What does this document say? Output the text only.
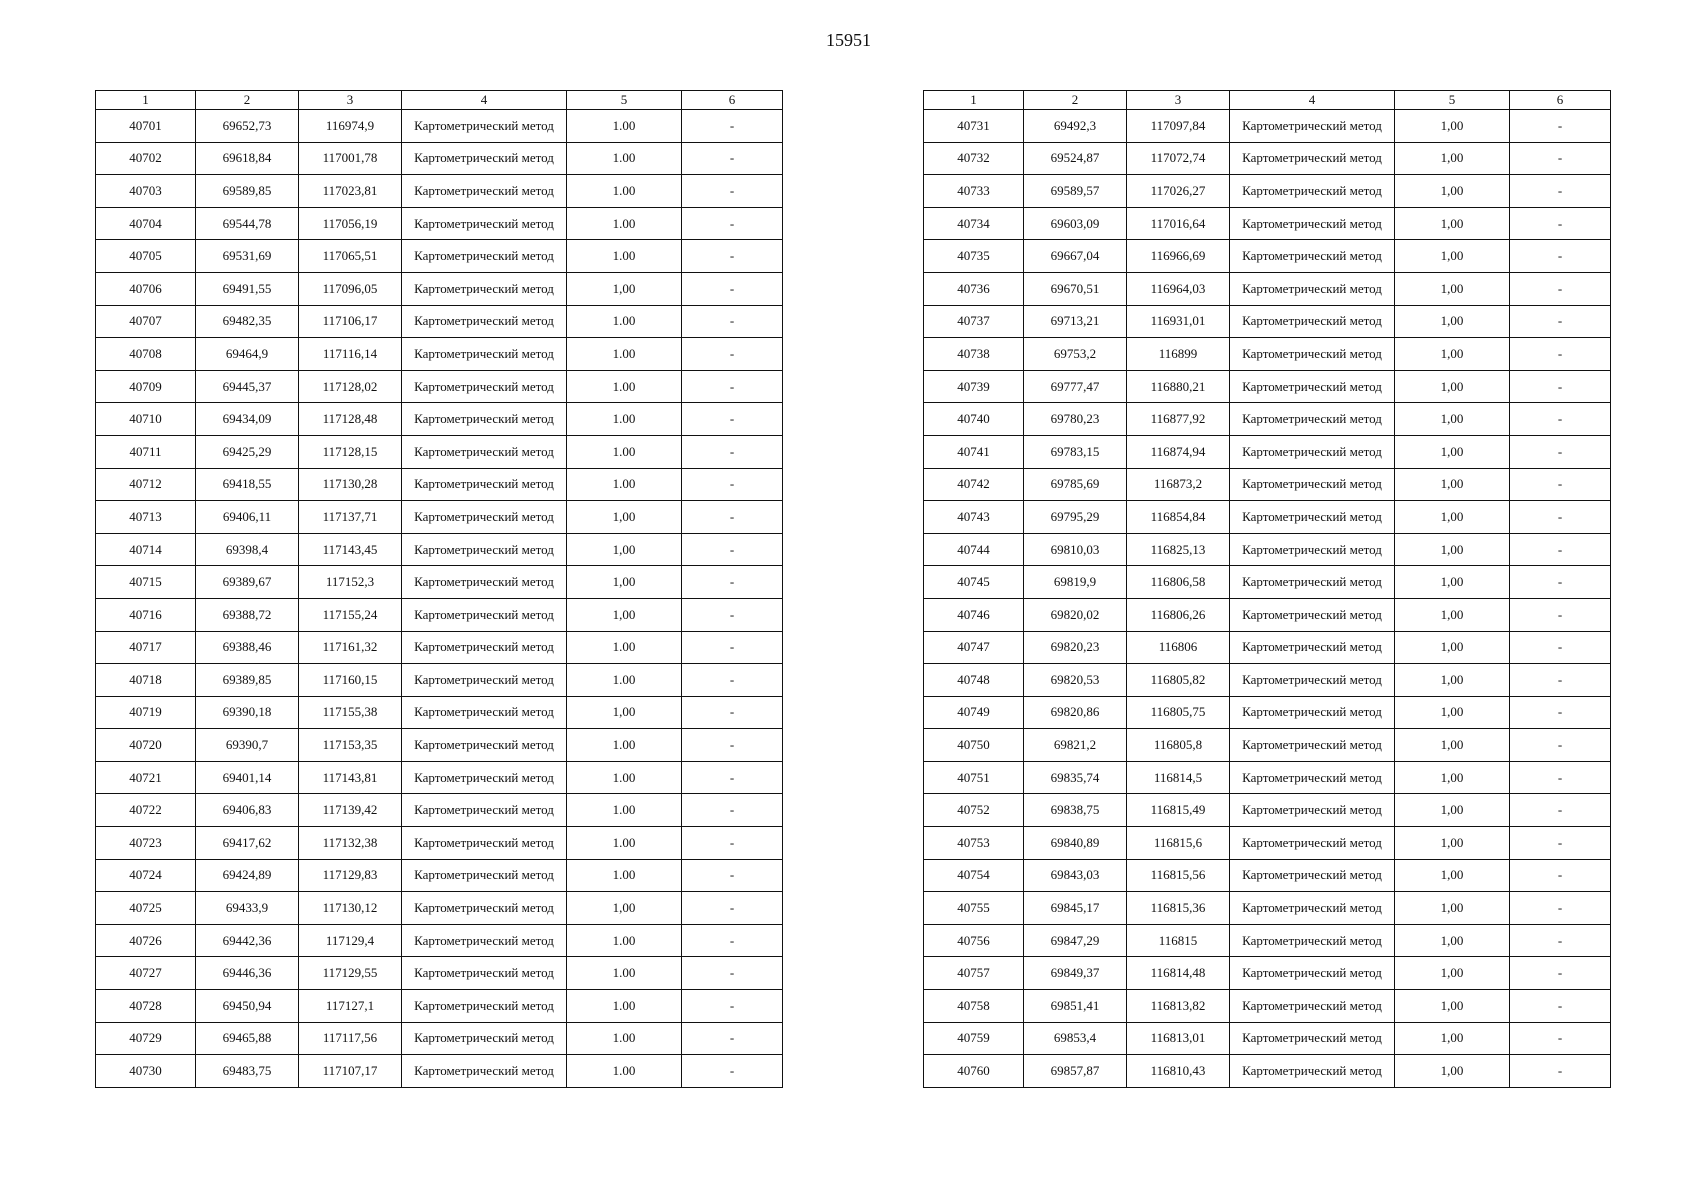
15951
1	2	3	4	5	6
40701	69652,73	116974,9	Картометрический метод	1.00	-
40702	69618,84	117001,78	Картометрический метод	1.00	-
40703	69589,85	117023,81	Картометрический метод	1.00	-
40704	69544,78	117056,19	Картометрический метод	1.00	-
40705	69531,69	117065,51	Картометрический метод	1.00	-
40706	69491,55	117096,05	Картометрический метод	1,00	-
40707	69482,35	117106,17	Картометрический метод	1.00	-
40708	69464,9	117116,14	Картометрический метод	1.00	-
40709	69445,37	117128,02	Картометрический метод	1.00	-
40710	69434,09	117128,48	Картометрический метод	1.00	-
40711	69425,29	117128,15	Картометрический метод	1.00	-
40712	69418,55	117130,28	Картометрический метод	1.00	-
40713	69406,11	117137,71	Картометрический метод	1,00	-
40714	69398,4	117143,45	Картометрический метод	1,00	-
40715	69389,67	117152,3	Картометрический метод	1,00	-
40716	69388,72	117155,24	Картометрический метод	1,00	-
40717	69388,46	117161,32	Картометрический метод	1.00	-
40718	69389,85	117160,15	Картометрический метод	1.00	-
40719	69390,18	117155,38	Картометрический метод	1,00	-
40720	69390,7	117153,35	Картометрический метод	1.00	-
40721	69401,14	117143,81	Картометрический метод	1.00	-
40722	69406,83	117139,42	Картометрический метод	1.00	-
40723	69417,62	117132,38	Картометрический метод	1.00	-
40724	69424,89	117129,83	Картометрический метод	1.00	-
40725	69433,9	117130,12	Картометрический метод	1,00	-
40726	69442,36	117129,4	Картометрический метод	1.00	-
40727	69446,36	117129,55	Картометрический метод	1.00	-
40728	69450,94	117127,1	Картометрический метод	1.00	-
40729	69465,88	117117,56	Картометрический метод	1.00	-
40730	69483,75	117107,17	Картометрический метод	1.00	-
1	2	3	4	5	6
40731	69492,3	117097,84	Картометрический метод	1,00	-
40732	69524,87	117072,74	Картометрический метод	1,00	-
40733	69589,57	117026,27	Картометрический метод	1,00	-
40734	69603,09	117016,64	Картометрический метод	1,00	-
40735	69667,04	116966,69	Картометрический метод	1,00	-
40736	69670,51	116964,03	Картометрический метод	1,00	-
40737	69713,21	116931,01	Картометрический метод	1,00	-
40738	69753,2	116899	Картометрический метод	1,00	-
40739	69777,47	116880,21	Картометрический метод	1,00	-
40740	69780,23	116877,92	Картометрический метод	1,00	-
40741	69783,15	116874,94	Картометрический метод	1,00	-
40742	69785,69	116873,2	Картометрический метод	1,00	-
40743	69795,29	116854,84	Картометрический метод	1,00	-
40744	69810,03	116825,13	Картометрический метод	1,00	-
40745	69819,9	116806,58	Картометрический метод	1,00	-
40746	69820,02	116806,26	Картометрический метод	1,00	-
40747	69820,23	116806	Картометрический метод	1,00	-
40748	69820,53	116805,82	Картометрический метод	1,00	-
40749	69820,86	116805,75	Картометрический метод	1,00	-
40750	69821,2	116805,8	Картометрический метод	1,00	-
40751	69835,74	116814,5	Картометрический метод	1,00	-
40752	69838,75	116815,49	Картометрический метод	1,00	-
40753	69840,89	116815,6	Картометрический метод	1,00	-
40754	69843,03	116815,56	Картометрический метод	1,00	-
40755	69845,17	116815,36	Картометрический метод	1,00	-
40756	69847,29	116815	Картометрический метод	1,00	-
40757	69849,37	116814,48	Картометрический метод	1,00	-
40758	69851,41	116813,82	Картометрический метод	1,00	-
40759	69853,4	116813,01	Картометрический метод	1,00	-
40760	69857,87	116810,43	Картометрический метод	1,00	-
